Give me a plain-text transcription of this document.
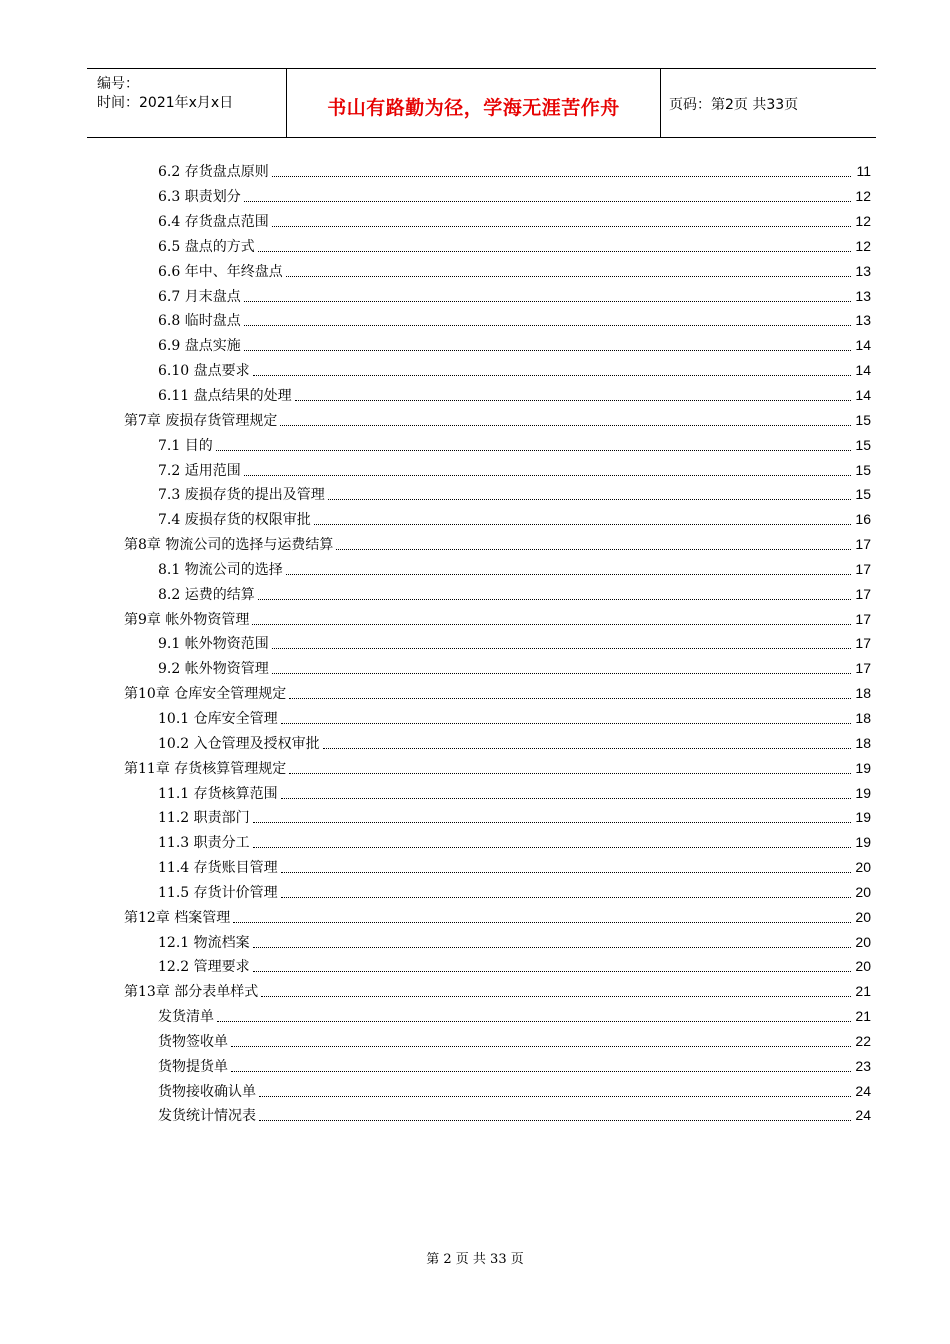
编号：
时间：2021年x月x日	书山有路勤为径，学海无涯苦作舟	页码：第2页 共33页
6.2 存货盘点原则	11
6.3 职责划分	12
6.4 存货盘点范围	12
6.5 盘点的方式	12
6.6 年中、年终盘点	13
6.7 月末盘点	13
6.8 临时盘点	13
6.9 盘点实施	14
6.10 盘点要求	14
6.11 盘点结果的处理	14
第7章 废损存货管理规定	15
7.1 目的	15
7.2 适用范围	15
7.3 废损存货的提出及管理	15
7.4 废损存货的权限审批	16
第8章 物流公司的选择与运费结算	17
8.1 物流公司的选择	17
8.2 运费的结算	17
第9章 帐外物资管理	17
9.1 帐外物资范围	17
9.2 帐外物资管理	17
第10章 仓库安全管理规定	18
10.1 仓库安全管理	18
10.2 入仓管理及授权审批	18
第11章 存货核算管理规定	19
11.1 存货核算范围	19
11.2 职责部门	19
11.3 职责分工	19
11.4 存货账目管理	20
11.5 存货计价管理	20
第12章 档案管理	20
12.1 物流档案	20
12.2 管理要求	20
第13章 部分表单样式	21
发货清单	21
货物签收单	22
货物提货单	23
货物接收确认单	24
发货统计情况表	24
第 2 页 共 33 页
